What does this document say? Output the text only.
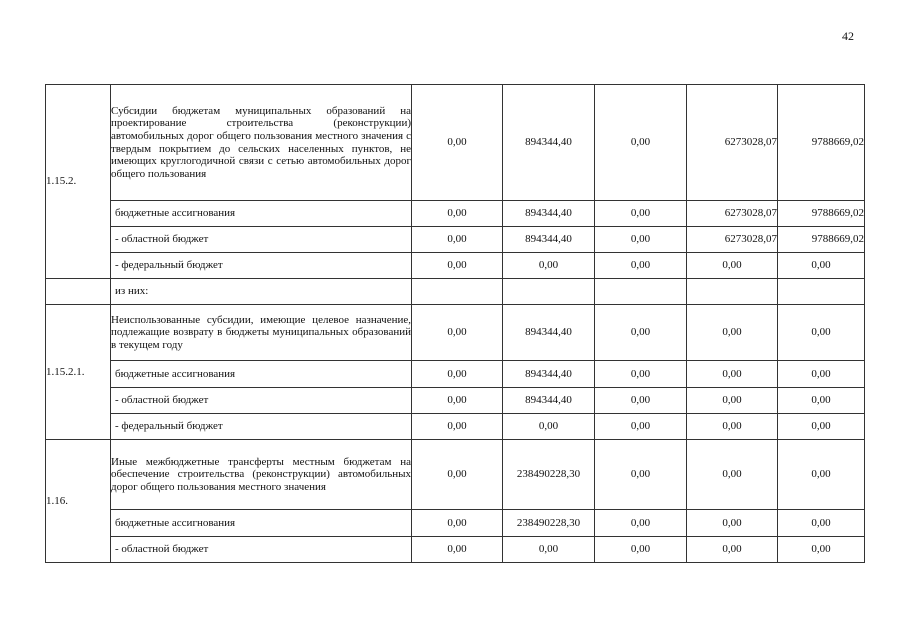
42
1.15.2.	Субсидии бюджетам муниципальных образований на проектирование строительства (реконструкции) автомобильных дорог общего пользования местного значения с твердым покрытием до сельских населенных пунктов, не имеющих круглогодичной связи с сетью автомобильных дорог общего пользования	0,00	894344,40	0,00	6273028,07	9788669,02
	бюджетные ассигнования	0,00	894344,40	0,00	6273028,07	9788669,02
	- областной бюджет	0,00	894344,40	0,00	6273028,07	9788669,02
	- федеральный бюджет	0,00	0,00	0,00	0,00	0,00
	из них:					
1.15.2.1.	Неиспользованные субсидии, имеющие целевое назначение, подлежащие возврату в бюджеты муниципальных образований в текущем году	0,00	894344,40	0,00	0,00	0,00
	бюджетные ассигнования	0,00	894344,40	0,00	0,00	0,00
	- областной бюджет	0,00	894344,40	0,00	0,00	0,00
	- федеральный бюджет	0,00	0,00	0,00	0,00	0,00
1.16.	Иные межбюджетные трансферты местным бюджетам на обеспечение строительства (реконструкции) автомобильных дорог общего пользования местного значения	0,00	238490228,30	0,00	0,00	0,00
	бюджетные ассигнования	0,00	238490228,30	0,00	0,00	0,00
	- областной бюджет	0,00	0,00	0,00	0,00	0,00
